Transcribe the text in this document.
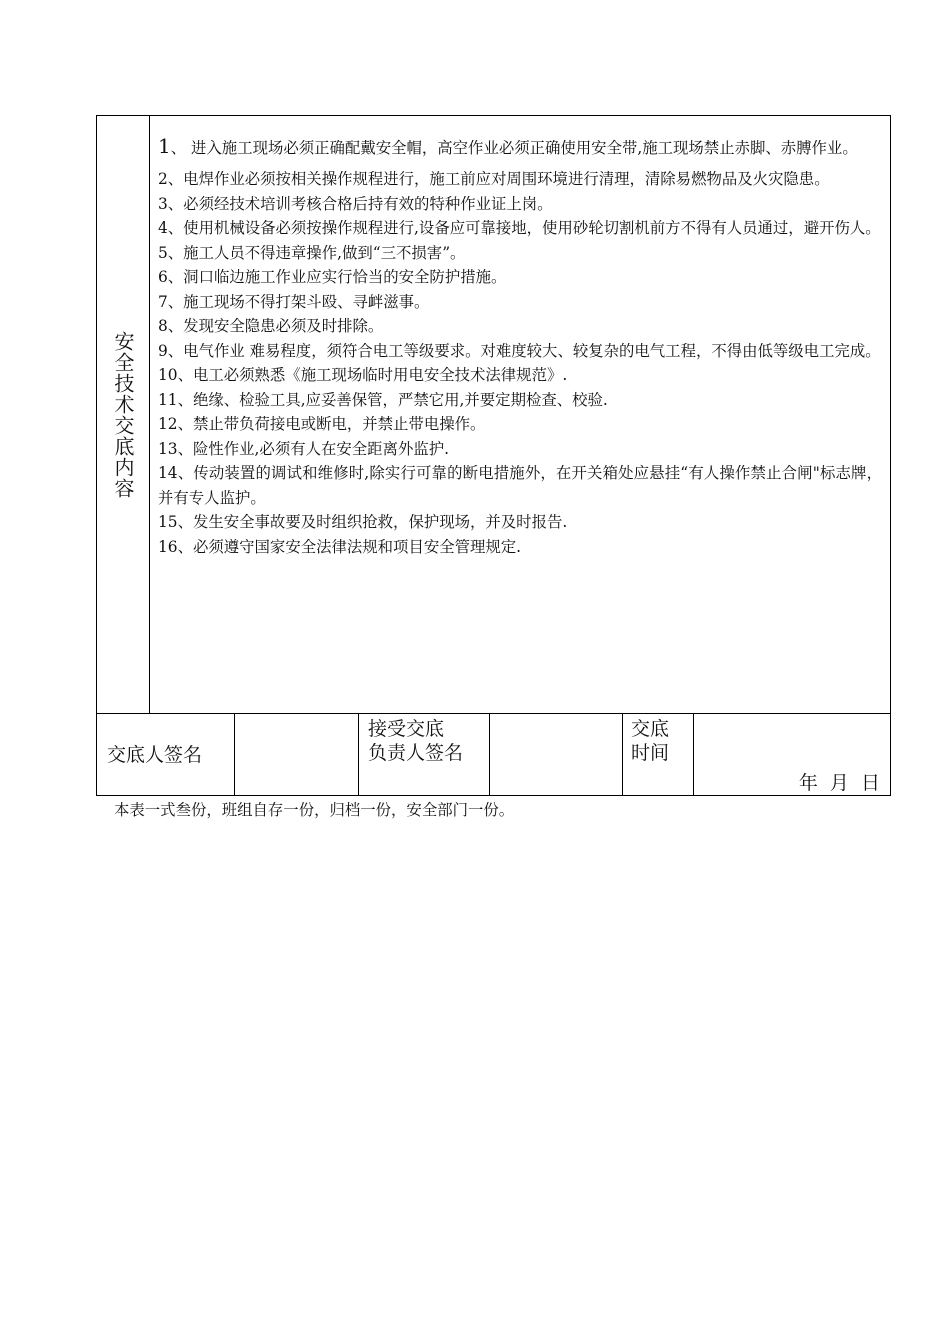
安全技术交底内容

1、 进入施工现场必须正确配戴安全帽，高空作业必须正确使用安全带,施工现场禁止赤脚、赤膊作业。

2、电焊作业必须按相关操作规程进行，施工前应对周围环境进行清理，清除易燃物品及火灾隐患。

3、必须经技术培训考核合格后持有效的特种作业证上岗。

4、使用机械设备必须按操作规程进行,设备应可靠接地，使用砂轮切割机前方不得有人员通过，避开伤人。

5、施工人员不得违章操作,做到“三不损害”。

6、洞口临边施工作业应实行恰当的安全防护措施。

7、施工现场不得打架斗殴、寻衅滋事。

8、发现安全隐患必须及时排除。

9、电气作业 难易程度，须符合电工等级要求。对难度较大、较复杂的电气工程，不得由低等级电工完成。

10、电工必须熟悉《施工现场临时用电安全技术法律规范》.

11、绝缘、检验工具,应妥善保管，严禁它用,并要定期检查、校验.

12、禁止带负荷接电或断电，并禁止带电操作。

13、险性作业,必须有人在安全距离外监护.

14、传动装置的调试和维修时,除实行可靠的断电措施外，在开关箱处应悬挂“有人操作禁止合闸"标志牌，并有专人监护。

15、发生安全事故要及时组织抢救，保护现场，并及时报告.

16、必须遵守国家安全法律法规和项目安全管理规定.

交底人签名
接受交底
负责人签名
交底
时间
年  月  日
本表一式叁份，班组自存一份，归档一份，安全部门一份。
